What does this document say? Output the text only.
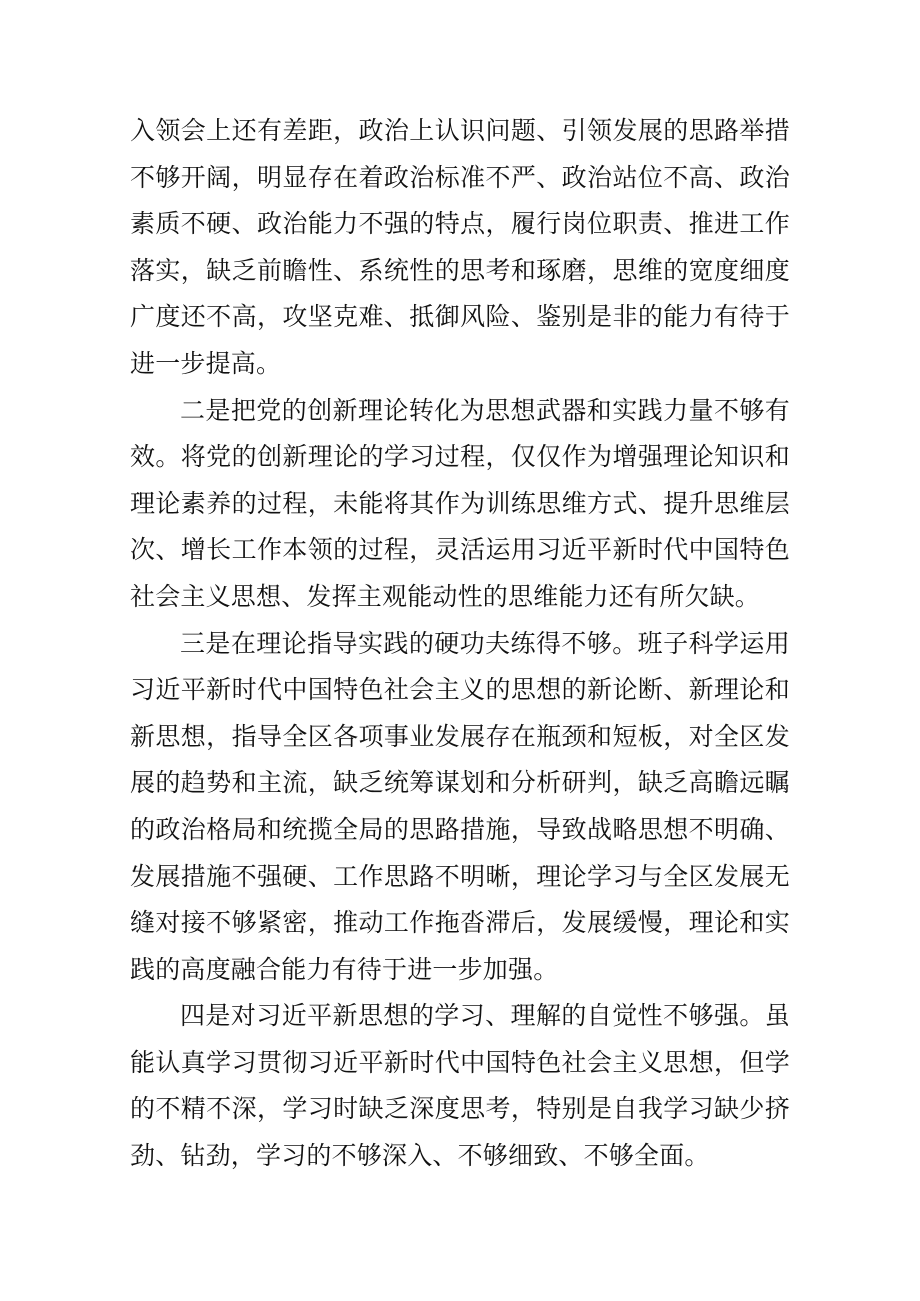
入领会上还有差距，政治上认识问题、引领发展的思路举措不够开阔，明显存在着政治标准不严、政治站位不高、政治素质不硬、政治能力不强的特点，履行岗位职责、推进工作落实，缺乏前瞻性、系统性的思考和琢磨，思维的宽度细度广度还不高，攻坚克难、抵御风险、鉴别是非的能力有待于进一步提高。

二是把党的创新理论转化为思想武器和实践力量不够有效。将党的创新理论的学习过程，仅仅作为增强理论知识和理论素养的过程，未能将其作为训练思维方式、提升思维层次、增长工作本领的过程，灵活运用习近平新时代中国特色社会主义思想、发挥主观能动性的思维能力还有所欠缺。

三是在理论指导实践的硬功夫练得不够。班子科学运用习近平新时代中国特色社会主义的思想的新论断、新理论和新思想，指导全区各项事业发展存在瓶颈和短板，对全区发展的趋势和主流，缺乏统筹谋划和分析研判，缺乏高瞻远瞩的政治格局和统揽全局的思路措施，导致战略思想不明确、发展措施不强硬、工作思路不明晰，理论学习与全区发展无缝对接不够紧密，推动工作拖沓滞后，发展缓慢，理论和实践的高度融合能力有待于进一步加强。

四是对习近平新思想的学习、理解的自觉性不够强。虽能认真学习贯彻习近平新时代中国特色社会主义思想，但学的不精不深，学习时缺乏深度思考，特别是自我学习缺少挤劲、钻劲，学习的不够深入、不够细致、不够全面。
